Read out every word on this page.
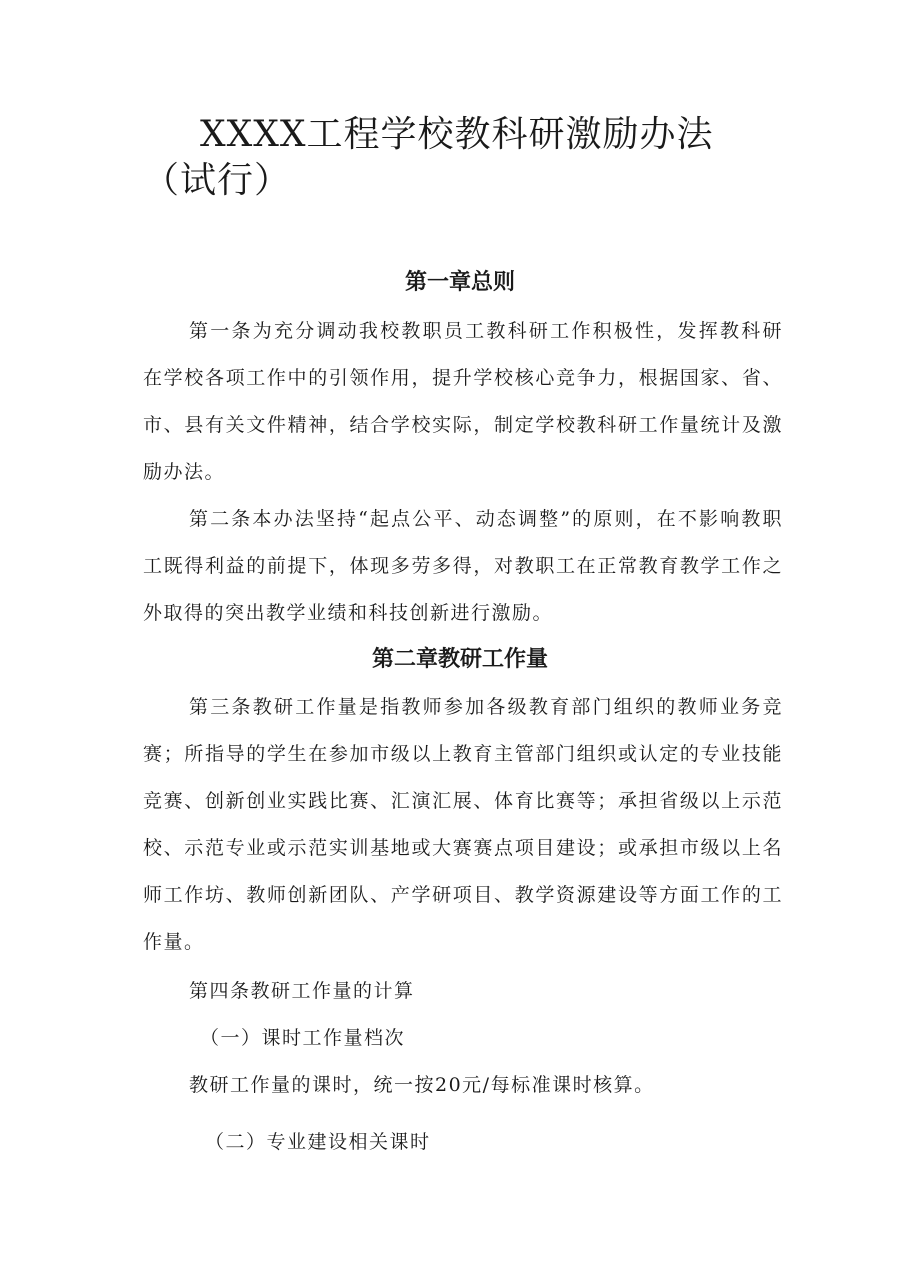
XXXX工程学校教科研激励办法（试行）
第一章总则

第一条为充分调动我校教职员工教科研工作积极性，发挥教科研在学校各项工作中的引领作用，提升学校核心竞争力，根据国家、省、市、县有关文件精神，结合学校实际，制定学校教科研工作量统计及激励办法。

第二条本办法坚持“起点公平、动态调整”的原则，在不影响教职工既得利益的前提下，体现多劳多得，对教职工在正常教育教学工作之外取得的突出教学业绩和科技创新进行激励。

第二章教研工作量

第三条教研工作量是指教师参加各级教育部门组织的教师业务竞赛；所指导的学生在参加市级以上教育主管部门组织或认定的专业技能竞赛、创新创业实践比赛、汇演汇展、体育比赛等；承担省级以上示范校、示范专业或示范实训基地或大赛赛点项目建设；或承担市级以上名师工作坊、教师创新团队、产学研项目、教学资源建设等方面工作的工作量。

第四条教研工作量的计算

（一）课时工作量档次

教研工作量的课时，统一按20元/每标准课时核算。

（二）专业建设相关课时
